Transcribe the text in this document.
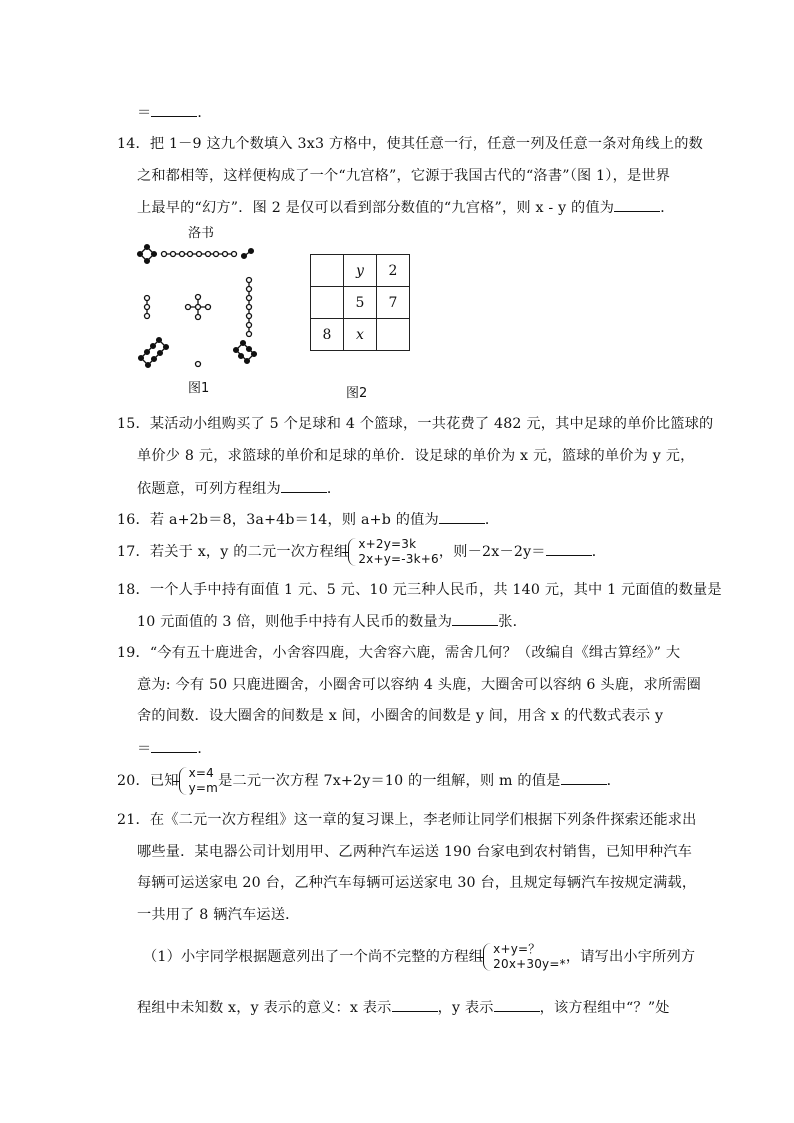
＝	．
14．把 1－9 这九个数填入 3x3 方格中，使其任意一行，任意一列及任意一条对角线上的数
之和都相等，这样便构成了一个“九宫格”，它源于我国古代的“洛書”（图 1），是世界
上最早的“幻方”．图 2 是仅可以看到部分数值的“九宫格”，则 x - y 的值为	．
洛书
图1
	y	2
	5	7
8	x	
图2
15．某活动小组购买了 5 个足球和 4 个篮球，一共花费了 482 元，其中足球的单价比篮球的
单价少 8 元，求篮球的单价和足球的单价．设足球的单价为 x 元，篮球的单价为 y 元，
依题意，可列方程组为	．
16．若 a+2b＝8，3a+4b＝14，则 a+b 的值为	．
17．若关于 x，y 的二元一次方程组 x+2y=3k
2x+y=-3k+6 ，则－2x－2y＝	．
18．一个人手中持有面值 1 元、5 元、10 元三种人民币，共 140 元，其中 1 元面值的数量是
10 元面值的 3 倍，则他手中持有人民币的数量为	张．
19．“今有五十鹿进舍，小舍容四鹿，大舍容六鹿，需舍几何？（改编自《缉古算经》” 大
意为: 今有 50 只鹿进圈舍，小圈舍可以容纳 4 头鹿，大圈舍可以容纳 6 头鹿，求所需圈
舍的间数．设大圈舍的间数是 x 间，小圈舍的间数是 y 间，用含 x 的代数式表示 y
＝	．
20．已知 x=4
y=m 是二元一次方程 7x+2y＝10 的一组解，则 m 的值是	．
21．在《二元一次方程组》这一章的复习课上，李老师让同学们根据下列条件探索还能求出
哪些量．某电器公司计划用甲、乙两种汽车运送 190 台家电到农村销售，已知甲种汽车
每辆可运送家电 20 台，乙种汽车每辆可运送家电 30 台，且规定每辆汽车按规定满载，
一共用了 8 辆汽车运送．
（1）小宇同学根据题意列出了一个尚不完整的方程组 x+y=？
20x+30y=* ，请写出小宇所列方
程组中未知数 x，y 表示的意义：x 表示	，y 表示	，该方程组中“？”处
